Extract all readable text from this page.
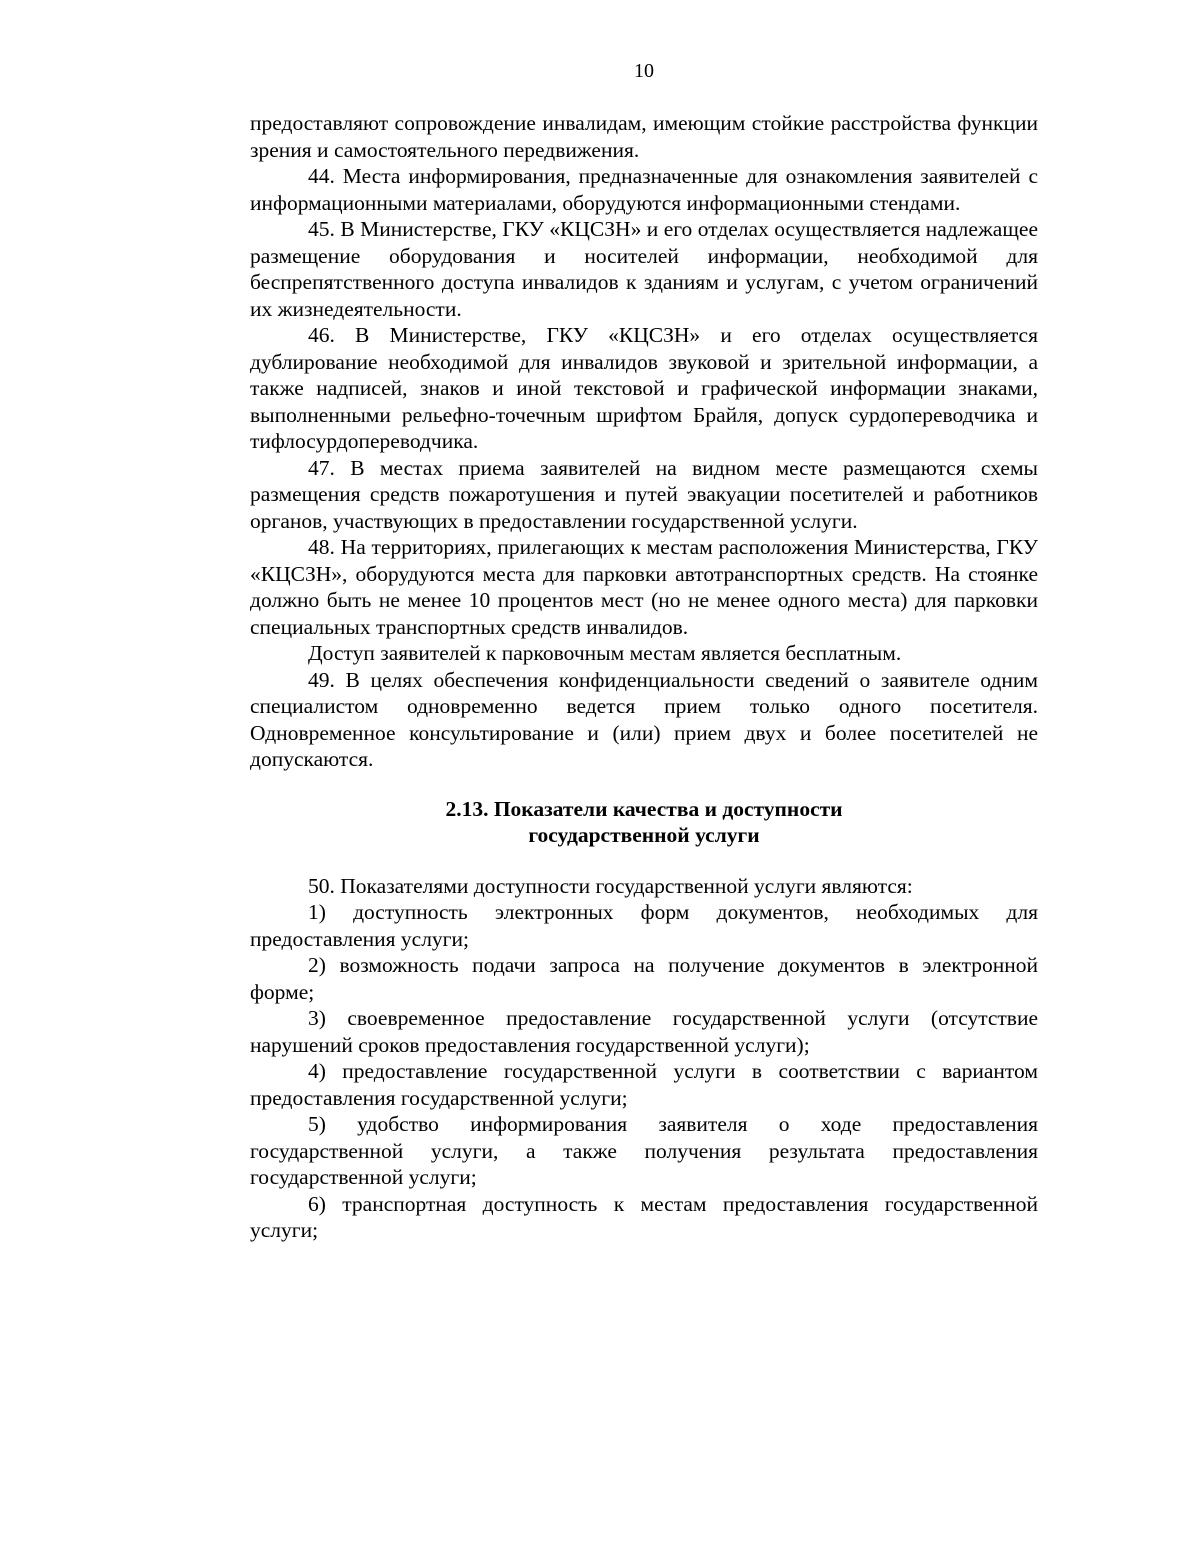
10

предоставляют сопровождение инвалидам, имеющим стойкие расстройства функции зрения и самостоятельного передвижения.

44. Места информирования, предназначенные для ознакомления заявителей с информационными материалами, оборудуются информационными стендами.

45. В Министерстве, ГКУ «КЦСЗН» и его отделах осуществляется надлежащее размещение оборудования и носителей информации, необходимой для беспрепятственного доступа инвалидов к зданиям и услугам, с учетом ограничений их жизнедеятельности.

46. В Министерстве, ГКУ «КЦСЗН» и его отделах осуществляется дублирование необходимой для инвалидов звуковой и зрительной информации, а также надписей, знаков и иной текстовой и графической информации знаками, выполненными рельефно-точечным шрифтом Брайля, допуск сурдопереводчика и тифлосурдопереводчика.

47. В местах приема заявителей на видном месте размещаются схемы размещения средств пожаротушения и путей эвакуации посетителей и работников органов, участвующих в предоставлении государственной услуги.

48. На территориях, прилегающих к местам расположения Министерства, ГКУ «КЦСЗН», оборудуются места для парковки автотранспортных средств. На стоянке должно быть не менее 10 процентов мест (но не менее одного места) для парковки специальных транспортных средств инвалидов.

Доступ заявителей к парковочным местам является бесплатным.

49. В целях обеспечения конфиденциальности сведений о заявителе одним специалистом одновременно ведется прием только одного посетителя. Одновременное консультирование и (или) прием двух и более посетителей не допускаются.

2.13. Показатели качества и доступности
государственной услуги

50. Показателями доступности государственной услуги являются:

1) доступность электронных форм документов, необходимых для предоставления услуги;

2) возможность подачи запроса на получение документов в электронной форме;

3) своевременное предоставление государственной услуги (отсутствие нарушений сроков предоставления государственной услуги);

4) предоставление государственной услуги в соответствии с вариантом предоставления государственной услуги;

5) удобство информирования заявителя о ходе предоставления государственной услуги, а также получения результата предоставления государственной услуги;

6) транспортная доступность к местам предоставления государственной услуги;
